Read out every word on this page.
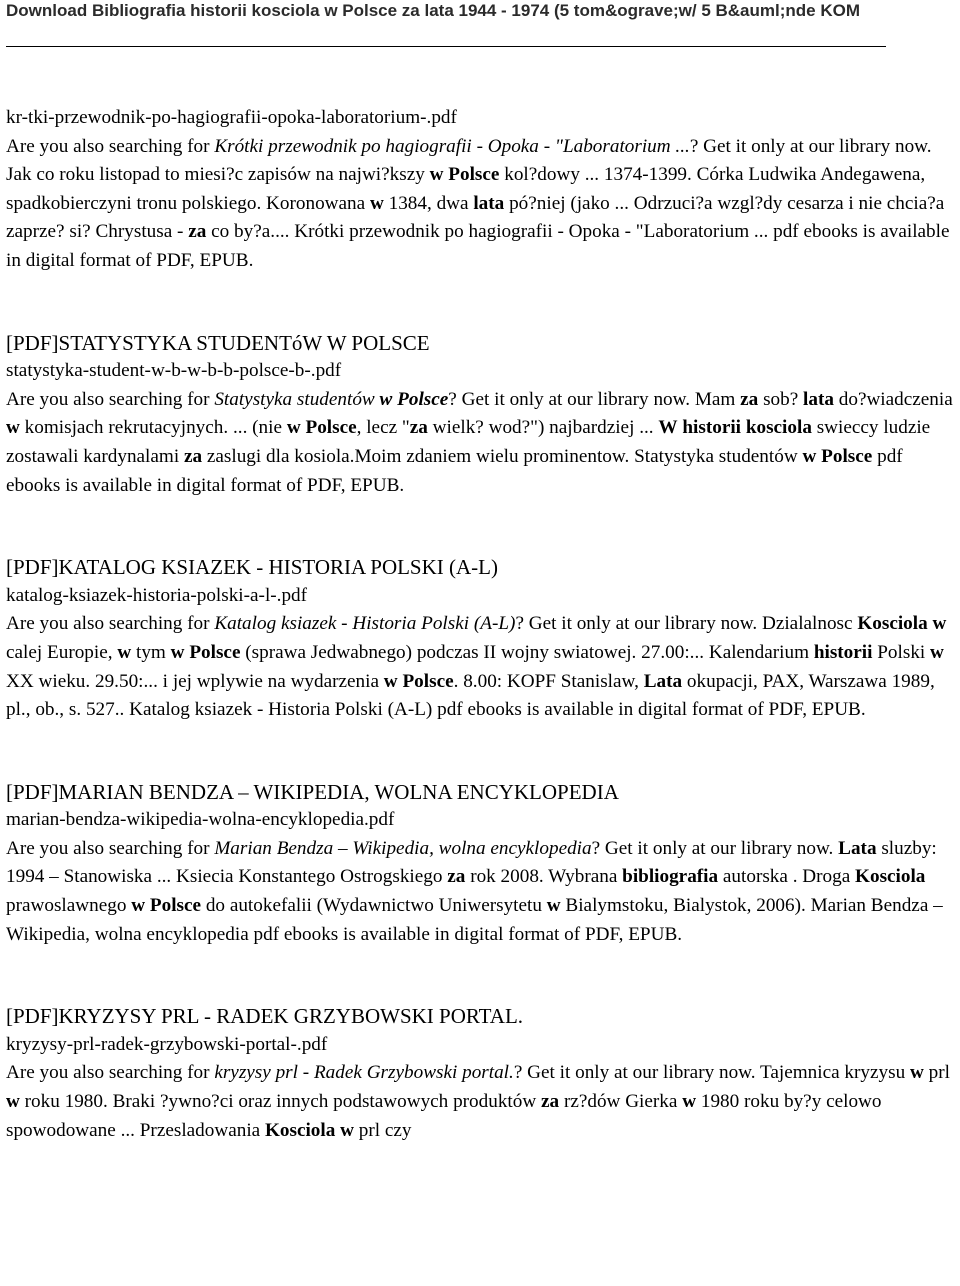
Download Bibliografia historii kosciola w Polsce za lata 1944 - 1974 (5 tom&ograve;w/ 5 B&auml;nde KOM
kr-tki-przewodnik-po-hagiografii-opoka-laboratorium-.pdf
Are you also searching for Krótki przewodnik po hagiografii - Opoka - "Laboratorium ...? Get it only at our library now. Jak co roku listopad to miesi?c zapisów na najwi?kszy w Polsce kol?dowy ... 1374-1399. Córka Ludwika Andegawena, spadkobierczyni tronu polskiego. Koronowana w 1384, dwa lata pó?niej (jako ... Odrzuci?a wzgl?dy cesarza i nie chcia?a zaprze? si? Chrystusa - za co by?a.... Krótki przewodnik po hagiografii - Opoka - "Laboratorium ... pdf ebooks is available in digital format of PDF, EPUB.
[PDF]STATYSTYKA STUDENTóW W POLSCE
statystyka-student-w-b-w-b-b-polsce-b-.pdf
Are you also searching for Statystyka studentów w Polsce? Get it only at our library now. Mam za sob? lata do?wiadczenia w komisjach rekrutacyjnych. ... (nie w Polsce, lecz "za wielk? wod?") najbardziej ... W historii kosciola swieccy ludzie zostawali kardynalami za zaslugi dla kosiola.Moim zdaniem wielu prominentow. Statystyka studentów w Polsce pdf ebooks is available in digital format of PDF, EPUB.
[PDF]KATALOG KSIAZEK - HISTORIA POLSKI (A-L)
katalog-ksiazek-historia-polski-a-l-.pdf
Are you also searching for Katalog ksiazek - Historia Polski (A-L)? Get it only at our library now. Dzialalnosc Kosciola w calej Europie, w tym w Polsce (sprawa Jedwabnego) podczas II wojny swiatowej. 27.00:... Kalendarium historii Polski w XX wieku. 29.50:... i jej wplywie na wydarzenia w Polsce. 8.00: KOPF Stanislaw, Lata okupacji, PAX, Warszawa 1989, pl., ob., s. 527.. Katalog ksiazek - Historia Polski (A-L) pdf ebooks is available in digital format of PDF, EPUB.
[PDF]MARIAN BENDZA – WIKIPEDIA, WOLNA ENCYKLOPEDIA
marian-bendza-wikipedia-wolna-encyklopedia.pdf
Are you also searching for Marian Bendza – Wikipedia, wolna encyklopedia? Get it only at our library now. Lata sluzby: 1994 – Stanowiska ... Ksiecia Konstantego Ostrogskiego za rok 2008. Wybrana bibliografia autorska . Droga Kosciola prawoslawnego w Polsce do autokefalii (Wydawnictwo Uniwersytetu w Bialymstoku, Bialystok, 2006). Marian Bendza – Wikipedia, wolna encyklopedia pdf ebooks is available in digital format of PDF, EPUB.
[PDF]KRYZYSY PRL - RADEK GRZYBOWSKI PORTAL.
kryzysy-prl-radek-grzybowski-portal-.pdf
Are you also searching for kryzysy prl - Radek Grzybowski portal.? Get it only at our library now. Tajemnica kryzysu w prl w roku 1980. Braki ?ywno?ci oraz innych podstawowych produktów za rz?dów Gierka w 1980 roku by?y celowo spowodowane ... Przesladowania Kosciola w prl czy
